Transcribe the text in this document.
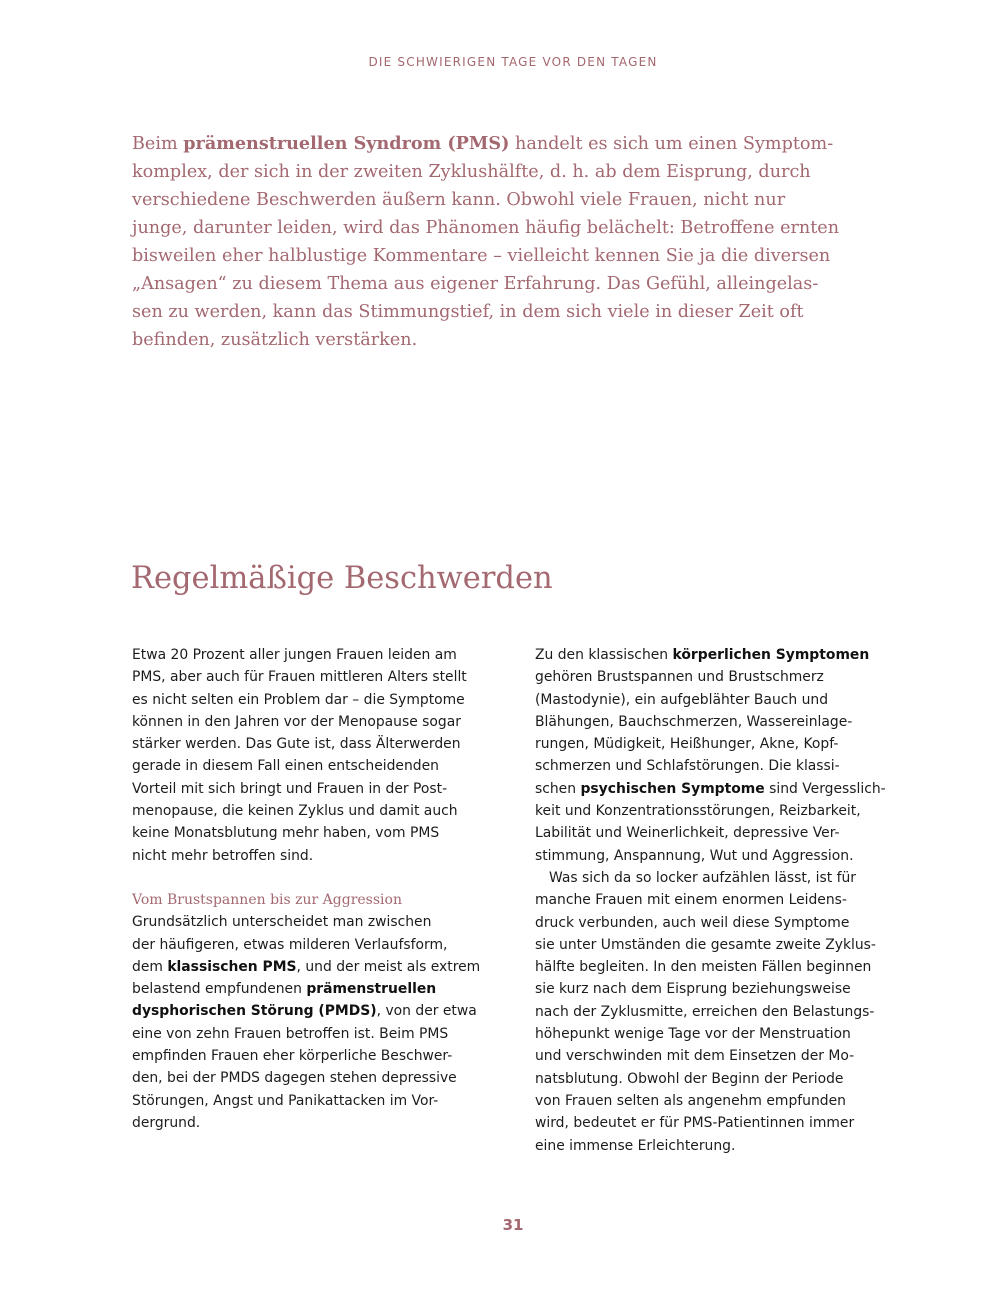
DIE SCHWIERIGEN TAGE VOR DEN TAGEN

Beim prämenstruellen Syndrom (PMS) handelt es sich um einen Symptom-
komplex, der sich in der zweiten Zyklushälfte, d. h. ab dem Eisprung, durch
verschiedene Beschwerden äußern kann. Obwohl viele Frauen, nicht nur
junge, darunter leiden, wird das Phänomen häufig belächelt: Betroffene ernten
bisweilen eher halblustige Kommentare – vielleicht kennen Sie ja die diversen
„Ansagen“ zu diesem Thema aus eigener Erfahrung. Das Gefühl, alleingelas-
sen zu werden, kann das Stimmungstief, in dem sich viele in dieser Zeit oft
befinden, zusätzlich verstärken.

Regelmäßige Beschwerden
Etwa 20 Prozent aller jungen Frauen leiden am
PMS, aber auch für Frauen mittleren Alters stellt
es nicht selten ein Problem dar – die Symptome
können in den Jahren vor der Menopause sogar
stärker werden. Das Gute ist, dass Älterwerden
gerade in diesem Fall einen entscheidenden
Vorteil mit sich bringt und Frauen in der Post-
menopause, die keinen Zyklus und damit auch
keine Monatsblutung mehr haben, vom PMS
nicht mehr betroffen sind.
Vom Brustspannen bis zur Aggression
Grundsätzlich unterscheidet man zwischen
der häufigeren, etwas milderen Verlaufsform,
dem klassischen PMS, und der meist als extrem
belastend empfundenen prämenstruellen
dysphorischen Störung (PMDS), von der etwa
eine von zehn Frauen betroffen ist. Beim PMS
empfinden Frauen eher körperliche Beschwer-
den, bei der PMDS dagegen stehen depressive
Störungen, Angst und Panikattacken im Vor-
dergrund.
Zu den klassischen körperlichen Symptomen
gehören Brustspannen und Brustschmerz
(Mastodynie), ein aufgeblähter Bauch und
Blähungen, Bauchschmerzen, Wassereinlage-
rungen, Müdigkeit, Heißhunger, Akne, Kopf-
schmerzen und Schlafstörungen. Die klassi-
schen psychischen Symptome sind Vergesslich-
keit und Konzentrationsstörungen, Reizbarkeit,
Labilität und Weinerlichkeit, depressive Ver-
stimmung, Anspannung, Wut und Aggression.
Was sich da so locker aufzählen lässt, ist für
manche Frauen mit einem enormen Leidens-
druck verbunden, auch weil diese Symptome
sie unter Umständen die gesamte zweite Zyklus-
hälfte begleiten. In den meisten Fällen beginnen
sie kurz nach dem Eisprung beziehungsweise
nach der Zyklusmitte, erreichen den Belastungs-
höhepunkt wenige Tage vor der Menstruation
und verschwinden mit dem Einsetzen der Mo-
natsblutung. Obwohl der Beginn der Periode
von Frauen selten als angenehm empfunden
wird, bedeutet er für PMS-Patientinnen immer
eine immense Erleichterung.
31
